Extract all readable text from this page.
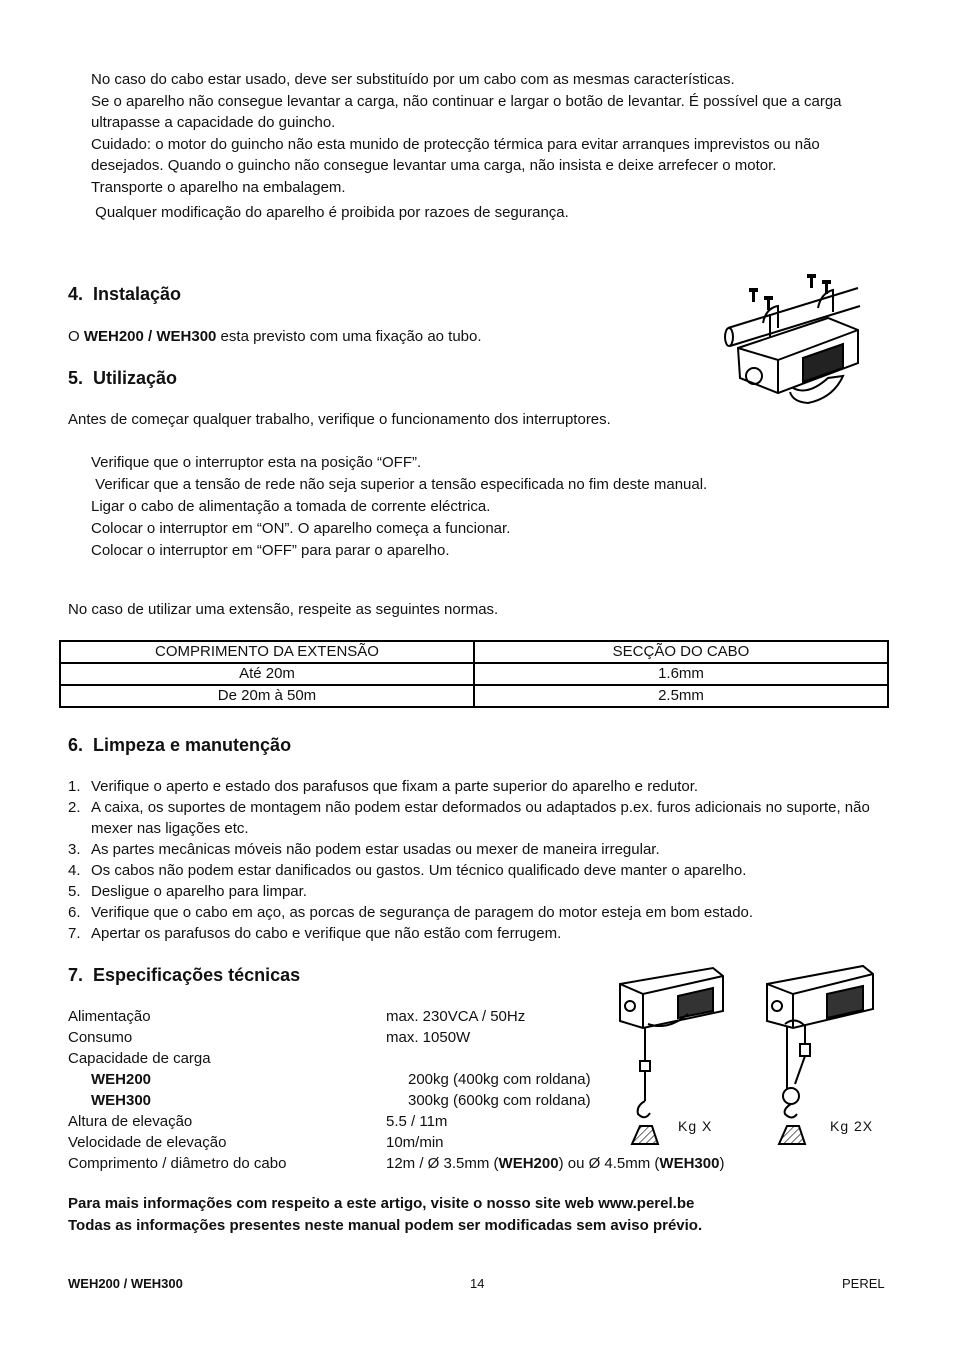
No caso do cabo estar usado, deve ser substituído por um cabo com as mesmas características.
Se o aparelho não consegue levantar a carga, não continuar e largar o botão de levantar. É possível que a carga ultrapasse a capacidade do guincho.
Cuidado: o motor do guincho não esta munido de protecção térmica para evitar arranques imprevistos ou não desejados. Quando o guincho não consegue levantar uma carga, não insista e deixe arrefecer o motor.
Transporte o aparelho na embalagem.
Qualquer modificação do aparelho é proibida por razoes de segurança.
4.  Instalação
O WEH200 / WEH300 esta previsto com uma fixação ao tubo.
5.  Utilização
Antes de começar qualquer trabalho, verifique o funcionamento dos interruptores.
Verifique que o interruptor esta na posição “OFF”.
Verificar que a tensão de rede não seja superior a tensão especificada no fim deste manual.
Ligar o cabo de alimentação a tomada de corrente eléctrica.
Colocar o interruptor em “ON”. O aparelho começa a funcionar.
Colocar o interruptor em “OFF” para parar o aparelho.
No caso de utilizar uma extensão, respeite as seguintes normas.
COMPRIMENTO DA EXTENSÃO	SECÇÃO DO CABO
Até 20m	1.6mm
De 20m à 50m	2.5mm
6.  Limpeza e manutenção
1. Verifique o aperto e estado dos parafusos que fixam a parte superior do aparelho e redutor.
2. A caixa, os suportes de montagem não podem estar deformados ou adaptados p.ex. furos adicionais no suporte, não mexer nas ligações etc.
3. As partes mecânicas móveis não podem estar usadas ou mexer de maneira irregular.
4. Os cabos não podem estar danificados ou gastos. Um técnico qualificado deve manter o aparelho.
5. Desligue o aparelho para limpar.
6. Verifique que o cabo em aço, as porcas de segurança de paragem do motor esteja em bom estado.
7. Apertar os parafusos do cabo e verifique que não estão com ferrugem.
7.  Especificações técnicas
Alimentação	max. 230VCA / 50Hz
Consumo	max. 1050W
Capacidade de carga
WEH200	200kg (400kg com roldana)
WEH300	300kg (600kg com roldana)
Altura de elevação	5.5 / 11m
Velocidade de elevação	10m/min
Comprimento / diâmetro do cabo	12m / Ø 3.5mm (WEH200) ou Ø 4.5mm (WEH300)
Kg X	Kg 2X
Para mais informações com respeito a este artigo, visite o nosso site web www.perel.be
Todas as informações presentes neste manual podem ser modificadas sem aviso prévio.
WEH200 / WEH300	14	PEREL
